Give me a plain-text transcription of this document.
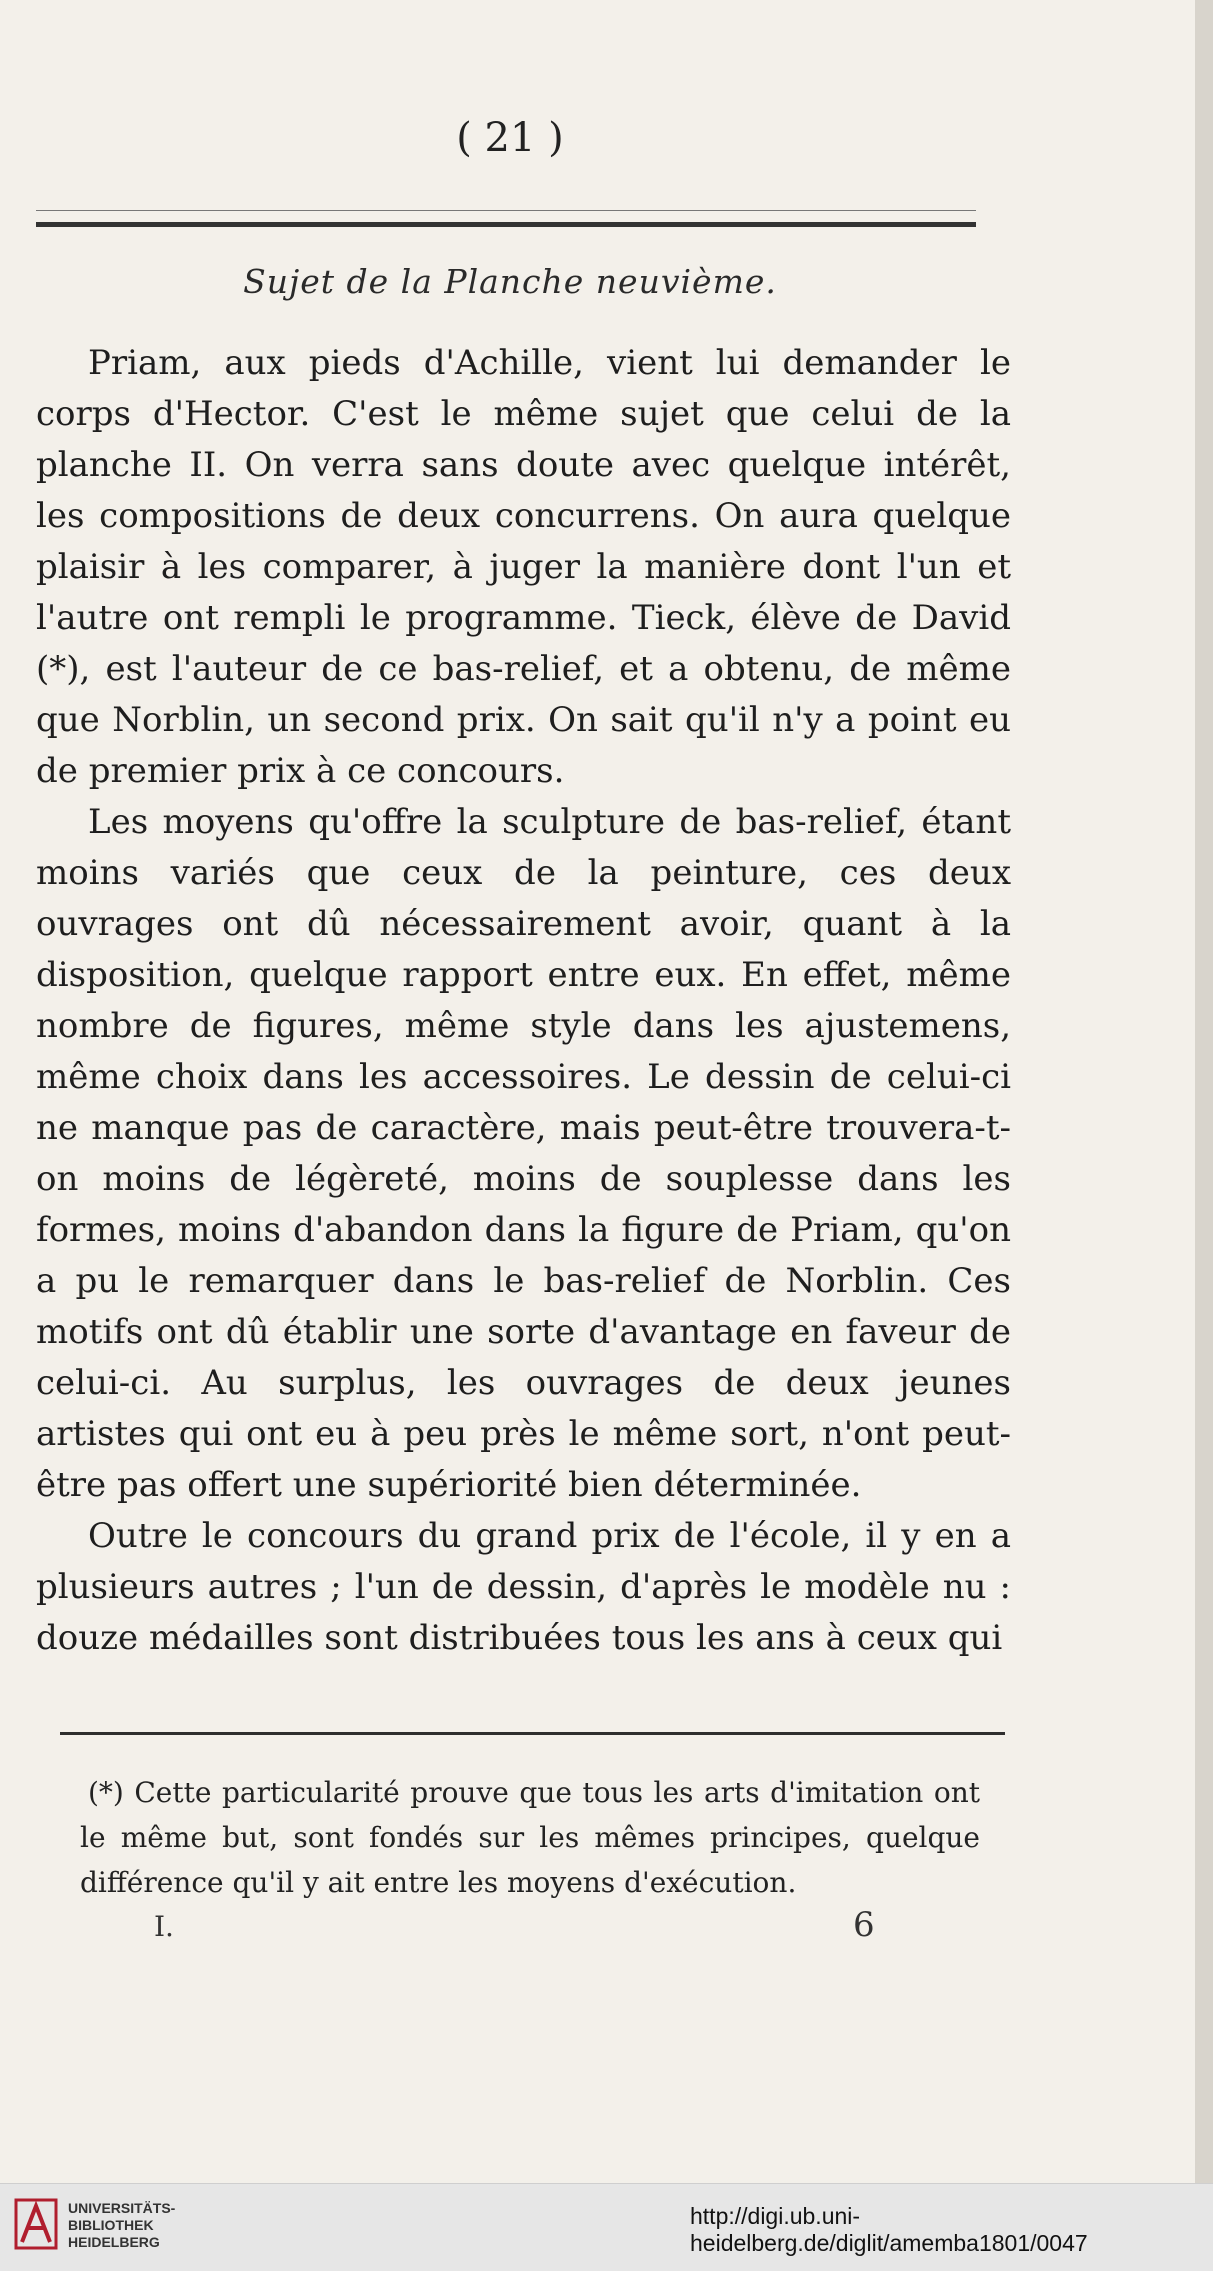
( 21 )
Sujet de la Planche neuvième.

Priam, aux pieds d'Achille, vient lui demander le corps d'Hector. C'est le même sujet que celui de la planche II. On verra sans doute avec quelque intérêt, les compositions de deux concurrens. On aura quelque plaisir à les comparer, à juger la manière dont l'un et l'autre ont rempli le programme. Tieck, élève de David (*), est l'auteur de ce bas-relief, et a obtenu, de même que Norblin, un second prix. On sait qu'il n'y a point eu de premier prix à ce concours.

Les moyens qu'offre la sculpture de bas-relief, étant moins variés que ceux de la peinture, ces deux ouvrages ont dû nécessairement avoir, quant à la disposition, quelque rapport entre eux. En effet, même nombre de figures, même style dans les ajustemens, même choix dans les accessoires. Le dessin de celui-ci ne manque pas de caractère, mais peut-être trouvera-t-on moins de légèreté, moins de souplesse dans les formes, moins d'abandon dans la figure de Priam, qu'on a pu le remarquer dans le bas-relief de Norblin. Ces motifs ont dû établir une sorte d'avantage en faveur de celui-ci. Au surplus, les ouvrages de deux jeunes artistes qui ont eu à peu près le même sort, n'ont peut-être pas offert une supériorité bien déterminée.

Outre le concours du grand prix de l'école, il y en a plusieurs autres ; l'un de dessin, d'après le modèle nu : douze médailles sont distribuées tous les ans à ceux qui

(*) Cette particularité prouve que tous les arts d'imitation ont le même but, sont fondés sur les mêmes principes, quelque différence qu'il y ait entre les moyens d'exécution.

I.	6
UNIVERSITÄTS-
BIBLIOTHEK
HEIDELBERG
http://digi.ub.uni-heidelberg.de/diglit/amemba1801/0047
